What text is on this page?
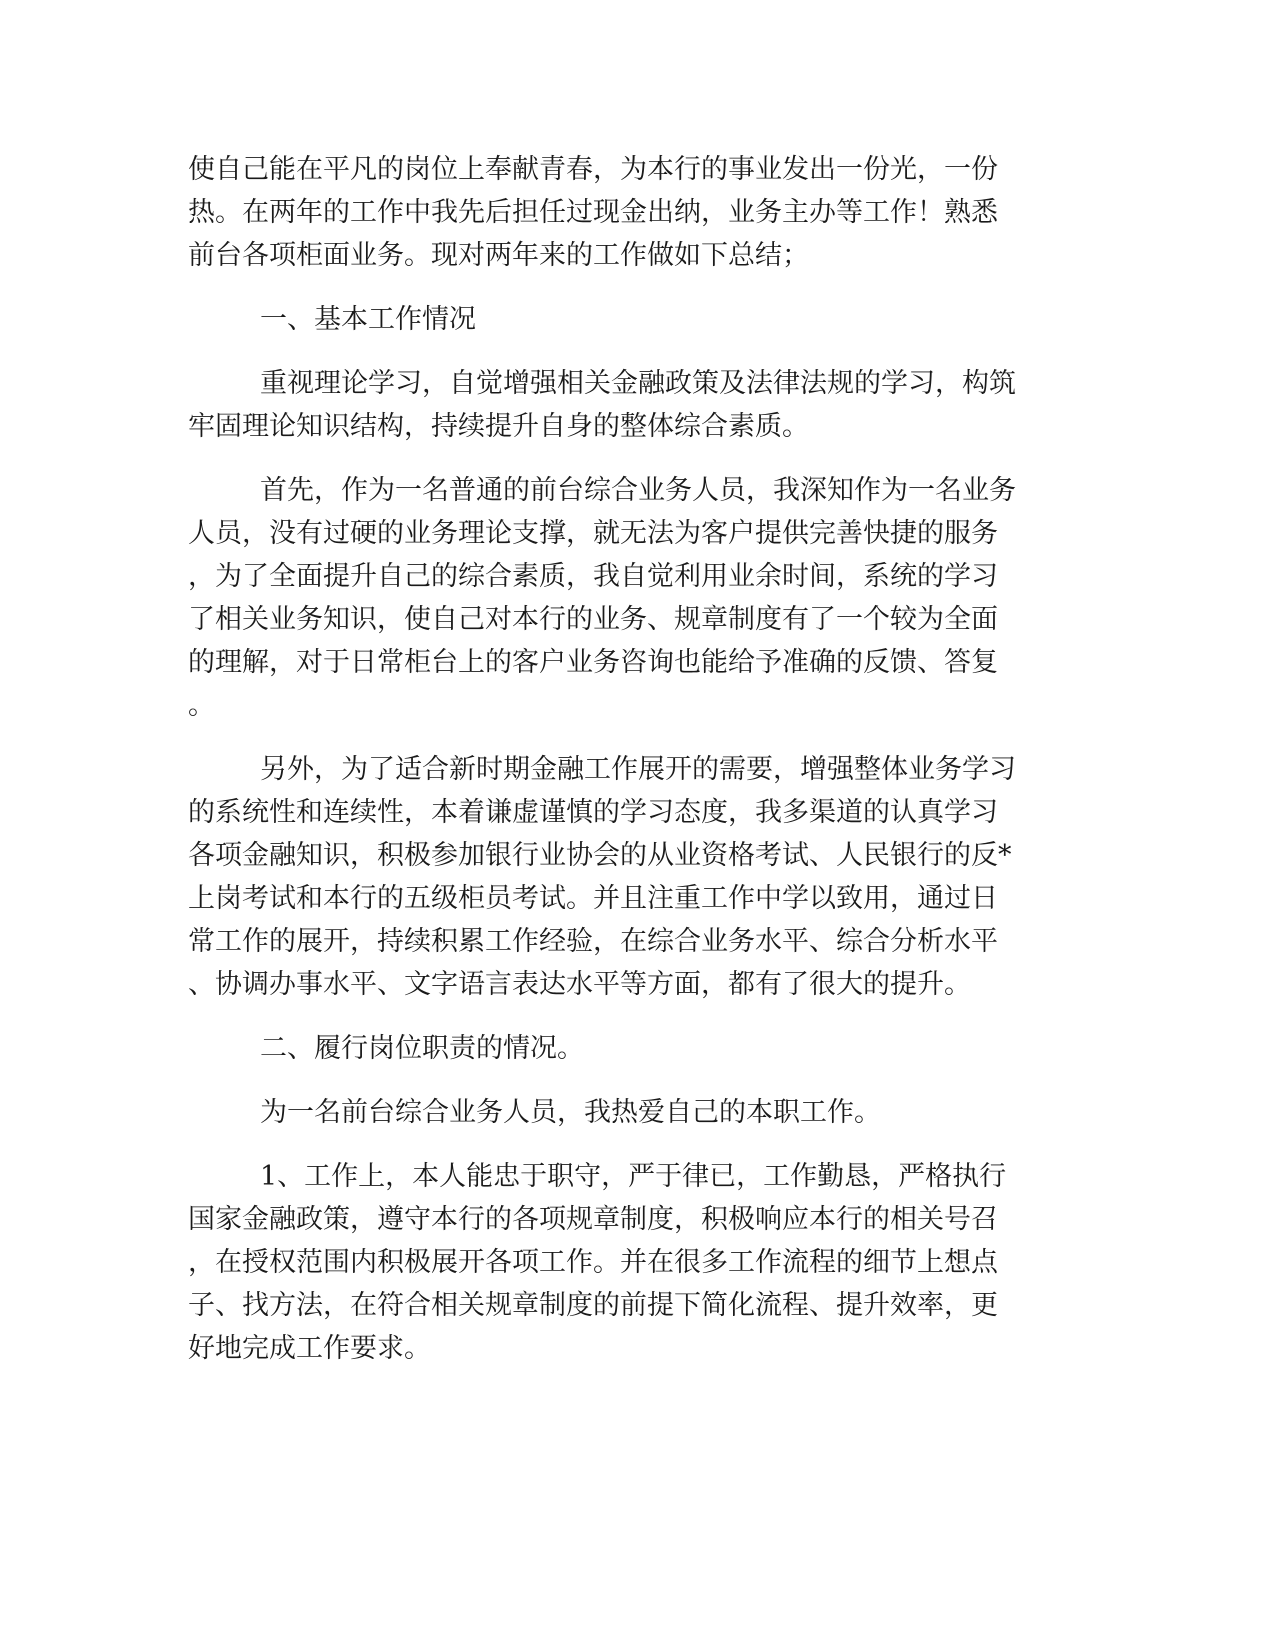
使自己能在平凡的岗位上奉献青春，为本行的事业发出一份光，一份
热。在两年的工作中我先后担任过现金出纳，业务主办等工作！熟悉
前台各项柜面业务。现对两年来的工作做如下总结；
一、基本工作情况
重视理论学习，自觉增强相关金融政策及法律法规的学习，构筑
牢固理论知识结构，持续提升自身的整体综合素质。
首先，作为一名普通的前台综合业务人员，我深知作为一名业务
人员，没有过硬的业务理论支撑，就无法为客户提供完善快捷的服务
，为了全面提升自己的综合素质，我自觉利用业余时间，系统的学习
了相关业务知识，使自己对本行的业务、规章制度有了一个较为全面
的理解，对于日常柜台上的客户业务咨询也能给予准确的反馈、答复
。
另外，为了适合新时期金融工作展开的需要，增强整体业务学习
的系统性和连续性，本着谦虚谨慎的学习态度，我多渠道的认真学习
各项金融知识，积极参加银行业协会的从业资格考试、人民银行的反*
上岗考试和本行的五级柜员考试。并且注重工作中学以致用，通过日
常工作的展开，持续积累工作经验，在综合业务水平、综合分析水平
、协调办事水平、文字语言表达水平等方面，都有了很大的提升。
二、履行岗位职责的情况。
为一名前台综合业务人员，我热爱自己的本职工作。
1、工作上，本人能忠于职守，严于律已，工作勤恳，严格执行
国家金融政策，遵守本行的各项规章制度，积极响应本行的相关号召
，在授权范围内积极展开各项工作。并在很多工作流程的细节上想点
子、找方法，在符合相关规章制度的前提下简化流程、提升效率，更
好地完成工作要求。
